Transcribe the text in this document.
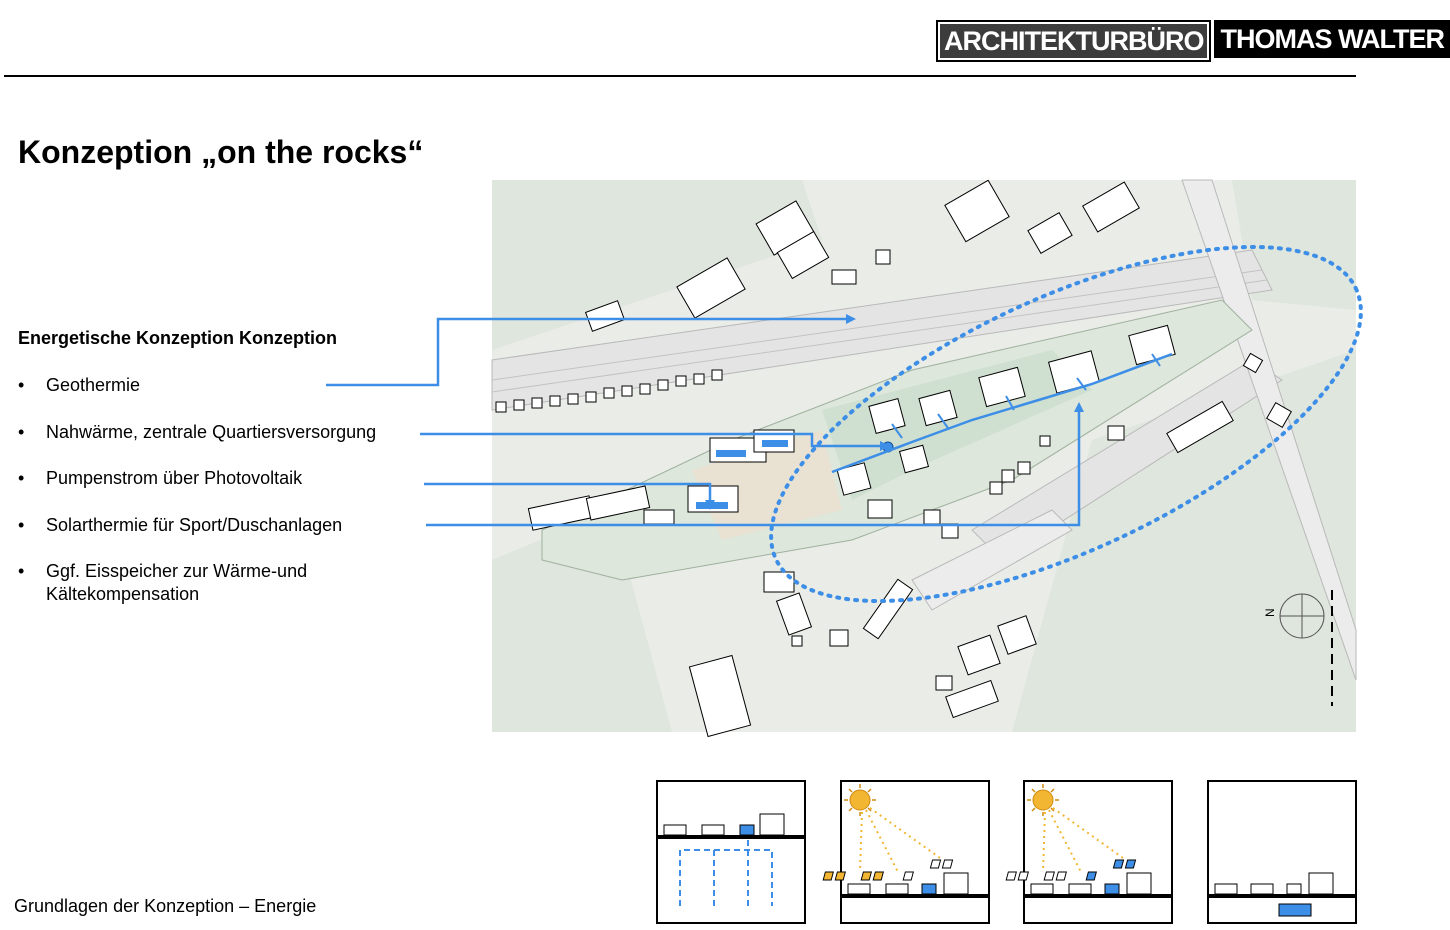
ARCHITEKTURBÜRO THOMAS WALTER
Konzeption „on the rocks“
Energetische Konzeption Konzeption
• Geothermie
• Nahwärme, zentrale Quartiersversorgung
• Pumpenstrom über Photovoltaik
• Solarthermie für Sport/Duschanlagen
• Ggf. Eisspeicher zur Wärme-und
Kältekompensation
N
Grundlagen der Konzeption – Energie
